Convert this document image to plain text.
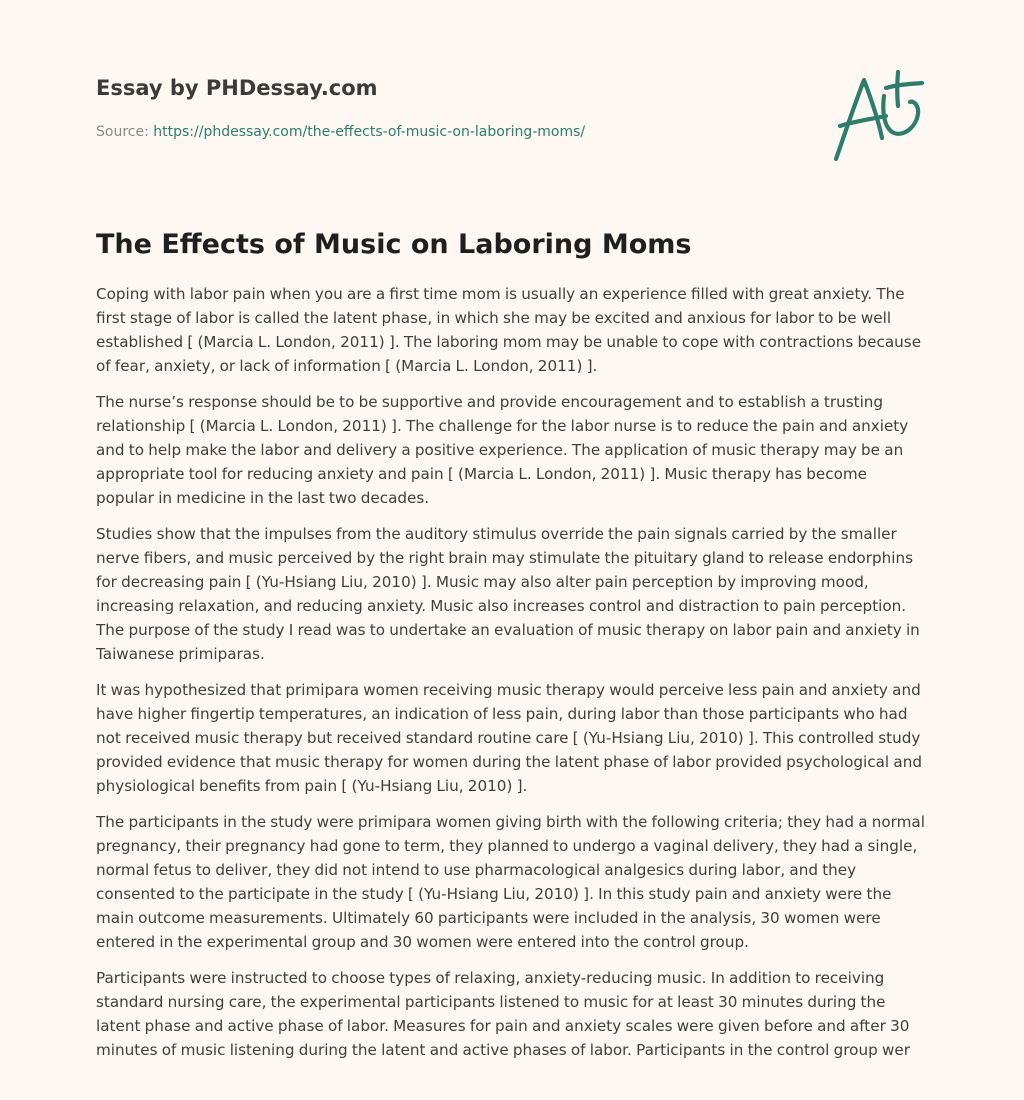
Essay by PHDessay.com
Source: https://phdessay.com/the-effects-of-music-on-laboring-moms/
The Effects of Music on Laboring Moms

Coping with labor pain when you are a first time mom is usually an experience filled with great anxiety. The first stage of labor is called the latent phase, in which she may be excited and anxious for labor to be well established [ (Marcia L. London, 2011) ]. The laboring mom may be unable to cope with contractions because of fear, anxiety, or lack of information [ (Marcia L. London, 2011) ].

The nurse’s response should be to be supportive and provide encouragement and to establish a trusting relationship [ (Marcia L. London, 2011) ]. The challenge for the labor nurse is to reduce the pain and anxiety and to help make the labor and delivery a positive experience. The application of music therapy may be an appropriate tool for reducing anxiety and pain [ (Marcia L. London, 2011) ]. Music therapy has become popular in medicine in the last two decades.

Studies show that the impulses from the auditory stimulus override the pain signals carried by the smaller nerve fibers, and music perceived by the right brain may stimulate the pituitary gland to release endorphins for decreasing pain [ (Yu-Hsiang Liu, 2010) ]. Music may also alter pain perception by improving mood, increasing relaxation, and reducing anxiety. Music also increases control and distraction to pain perception. The purpose of the study I read was to undertake an evaluation of music therapy on labor pain and anxiety in Taiwanese primiparas.

It was hypothesized that primipara women receiving music therapy would perceive less pain and anxiety and have higher fingertip temperatures, an indication of less pain, during labor than those participants who had not received music therapy but received standard routine care [ (Yu-Hsiang Liu, 2010) ]. This controlled study provided evidence that music therapy for women during the latent phase of labor provided psychological and physiological benefits from pain [ (Yu-Hsiang Liu, 2010) ].

The participants in the study were primipara women giving birth with the following criteria; they had a normal pregnancy, their pregnancy had gone to term, they planned to undergo a vaginal delivery, they had a single, normal fetus to deliver, they did not intend to use pharmacological analgesics during labor, and they consented to the participate in the study [ (Yu-Hsiang Liu, 2010) ]. In this study pain and anxiety were the main outcome measurements. Ultimately 60 participants were included in the analysis, 30 women were entered in the experimental group and 30 women were entered into the control group.

Participants were instructed to choose types of relaxing, anxiety-reducing music. In addition to receiving standard nursing care, the experimental participants listened to music for at least 30 minutes during the latent phase and active phase of labor. Measures for pain and anxiety scales were given before and after 30 minutes of music listening during the latent and active phases of labor. Participants in the control group wer
